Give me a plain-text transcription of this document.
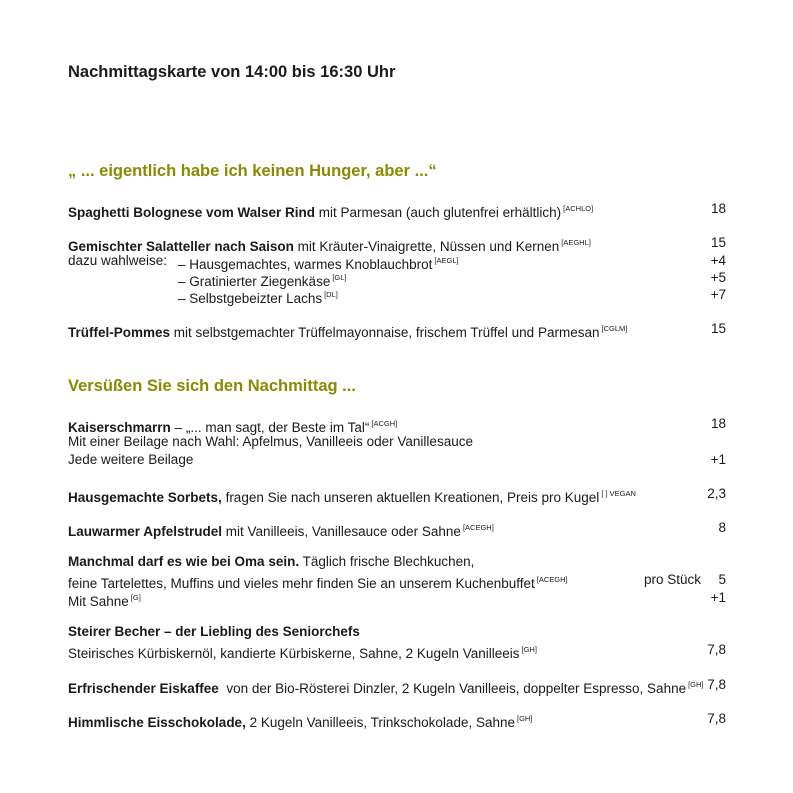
Nachmittagskarte von 14:00 bis 16:30 Uhr
„ ... eigentlich habe ich keinen Hunger, aber ...“
Spaghetti Bolognese vom Walser Rind mit Parmesan (auch glutenfrei erhältlich) [ACHLO]	18
Gemischter Salatteller nach Saison mit Kräuter-Vinaigrette, Nüssen und Kernen [AEGHL]	15
dazu wahlweise: – Hausgemachtes, warmes Knoblauchbrot [AEGL]	+4
– Gratinierter Ziegenkäse [GL]	+5
– Selbstgebeizter Lachs [DL]	+7
Trüffel-Pommes mit selbstgemachter Trüffelmayonnaise, frischem Trüffel und Parmesan [CGLM]	15
Versüßen Sie sich den Nachmittag ...
Kaiserschmarrn – „... man sagt, der Beste im Tal“ [ACGH]	18
Mit einer Beilage nach Wahl: Apfelmus, Vanilleeis oder Vanillesauce
Jede weitere Beilage	+1
Hausgemachte Sorbets, fragen Sie nach unseren aktuellen Kreationen, Preis pro Kugel $^{[ ] VEGAN}$	2,3
Lauwarmer Apfelstrudel mit Vanilleeis, Vanillesauce oder Sahne [ACEGH]	8
Manchmal darf es wie bei Oma sein. Täglich frische Blechkuchen,
feine Tartelettes, Muffins und vieles mehr finden Sie an unserem Kuchenbuffet [ACEGH]	pro Stück 5
Mit Sahne [G]	+1
Steirer Becher – der Liebling des Seniorchefs
Steirisches Kürbiskernöl, kandierte Kürbiskerne, Sahne, 2 Kugeln Vanilleeis [GH]	7,8
Erfrischender Eiskaffee  von der Bio-Rösterei Dinzler, 2 Kugeln Vanilleeis, doppelter Espresso, Sahne [GH] 7,8
Himmlische Eisschokolade, 2 Kugeln Vanilleeis, Trinkschokolade, Sahne [GH]	7,8
